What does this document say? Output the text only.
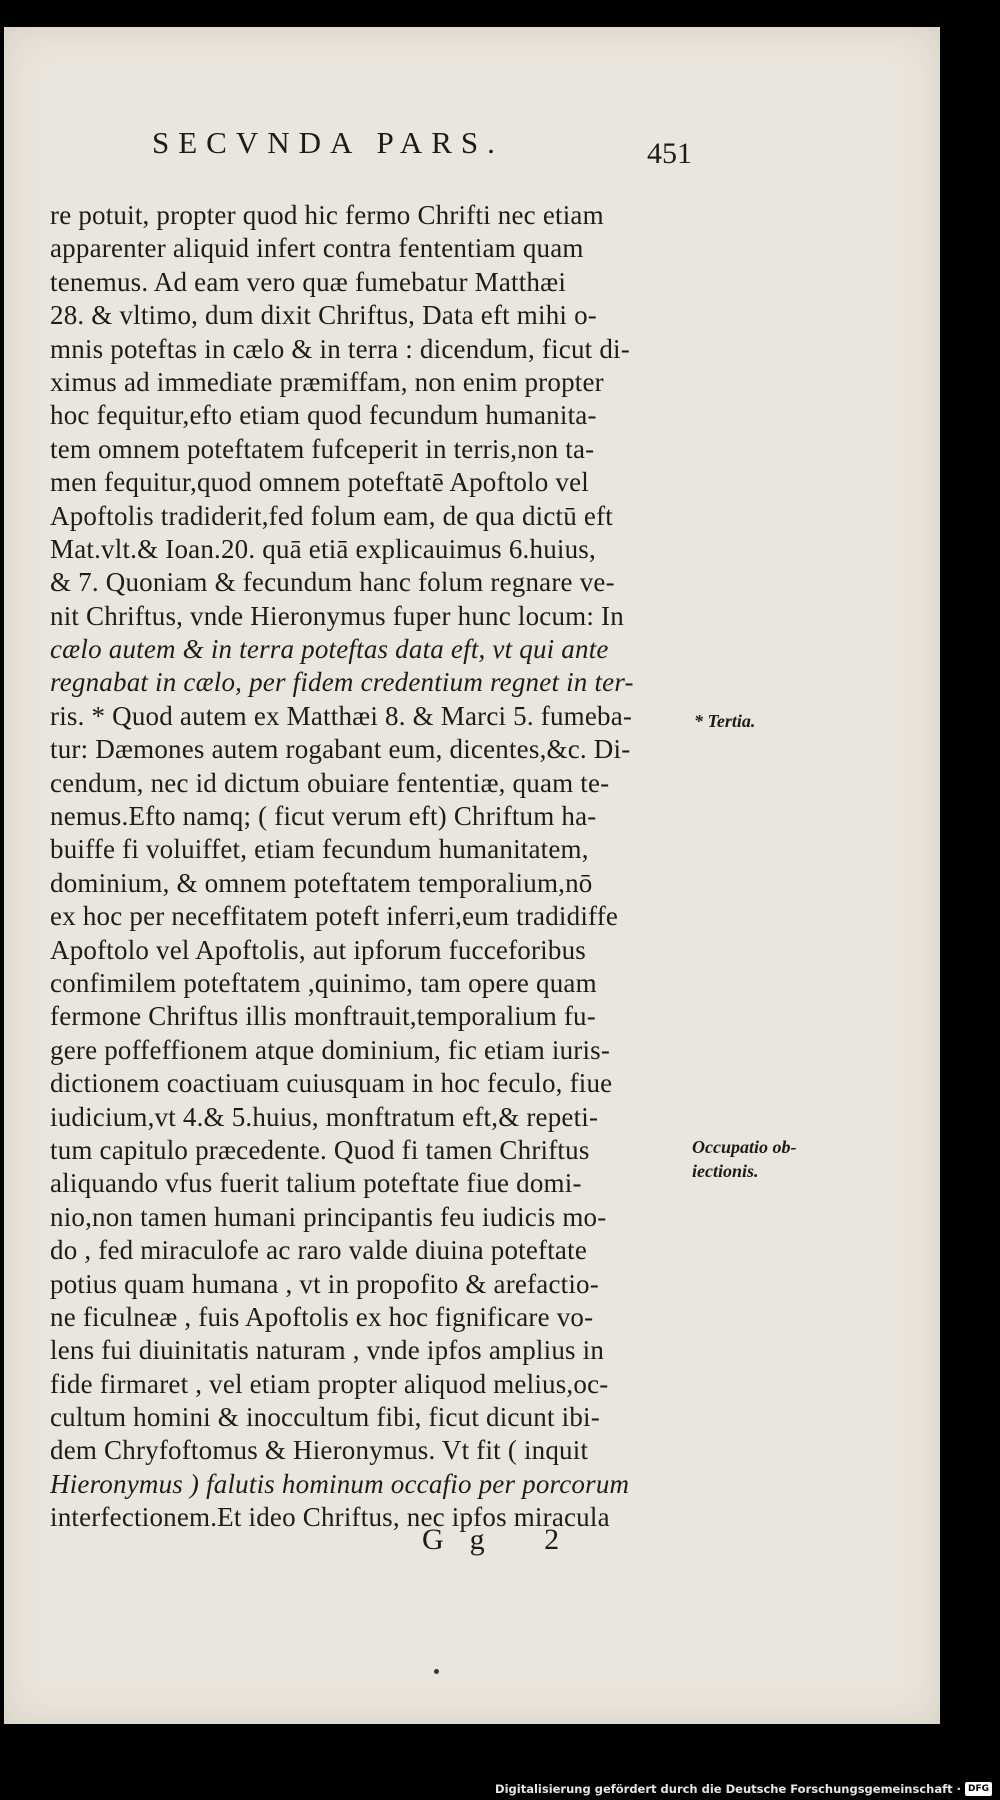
SECVNDA PARS.	451
re potuit, propter quod hic fermo Chrifti nec etiam
apparenter aliquid infert contra fententiam quam
tenemus. Ad eam vero quæ fumebatur Matthæi
28. & vltimo, dum dixit Chriftus, Data eft mihi o-
mnis poteftas in cælo & in terra : dicendum, ficut di-
ximus ad immediate præmiffam, non enim propter
hoc fequitur,efto etiam quod fecundum humanita-
tem omnem poteftatem fufceperit in terris,non ta-
men fequitur,quod omnem poteftatē Apoftolo vel
Apoftolis tradiderit,fed folum eam, de qua dictū eft
Mat.vlt.& Ioan.20. quā etiā explicauimus 6.huius,
& 7. Quoniam & fecundum hanc folum regnare ve-
nit Chriftus, vnde Hieronymus fuper hunc locum: In
cælo autem & in terra poteftas data eft, vt qui ante
regnabat in cælo, per fidem credentium regnet in ter-
ris. * Quod autem ex Matthæi 8. & Marci 5. fumeba-
tur: Dæmones autem rogabant eum, dicentes,&c. Di-
cendum, nec id dictum obuiare fententiæ, quam te-
nemus.Efto namq; ( ficut verum eft) Chriftum ha-
buiffe fi voluiffet, etiam fecundum humanitatem,
dominium, & omnem poteftatem temporalium,nō
ex hoc per neceffitatem poteft inferri,eum tradidiffe
Apoftolo vel Apoftolis, aut ipforum fucceforibus
confimilem poteftatem ,quinimo, tam opere quam
fermone Chriftus illis monftrauit,temporalium fu-
gere poffeffionem atque dominium, fic etiam iuris-
dictionem coactiuam cuiusquam in hoc feculo, fiue
iudicium,vt 4.& 5.huius, monftratum eft,& repeti-
tum capitulo præcedente. Quod fi tamen Chriftus
aliquando vfus fuerit talium poteftate fiue domi-
nio,non tamen humani principantis feu iudicis mo-
do , fed miraculofe ac raro valde diuina poteftate
potius quam humana , vt in propofito & arefactio-
ne ficulneæ , fuis Apoftolis ex hoc fignificare vo-
lens fui diuinitatis naturam , vnde ipfos amplius in
fide firmaret , vel etiam propter aliquod melius,oc-
cultum homini & inoccultum fibi, ficut dicunt ibi-
dem Chryfoftomus & Hieronymus. Vt fit ( inquit
Hieronymus ) falutis hominum occafio per porcorum
interfectionem.Et ideo Chriftus, nec ipfos miracula
* Tertia.
Occupatio ob- iectionis.
Gg 2
Digitalisierung gefördert durch die Deutsche Forschungsgemeinschaft · DFG
